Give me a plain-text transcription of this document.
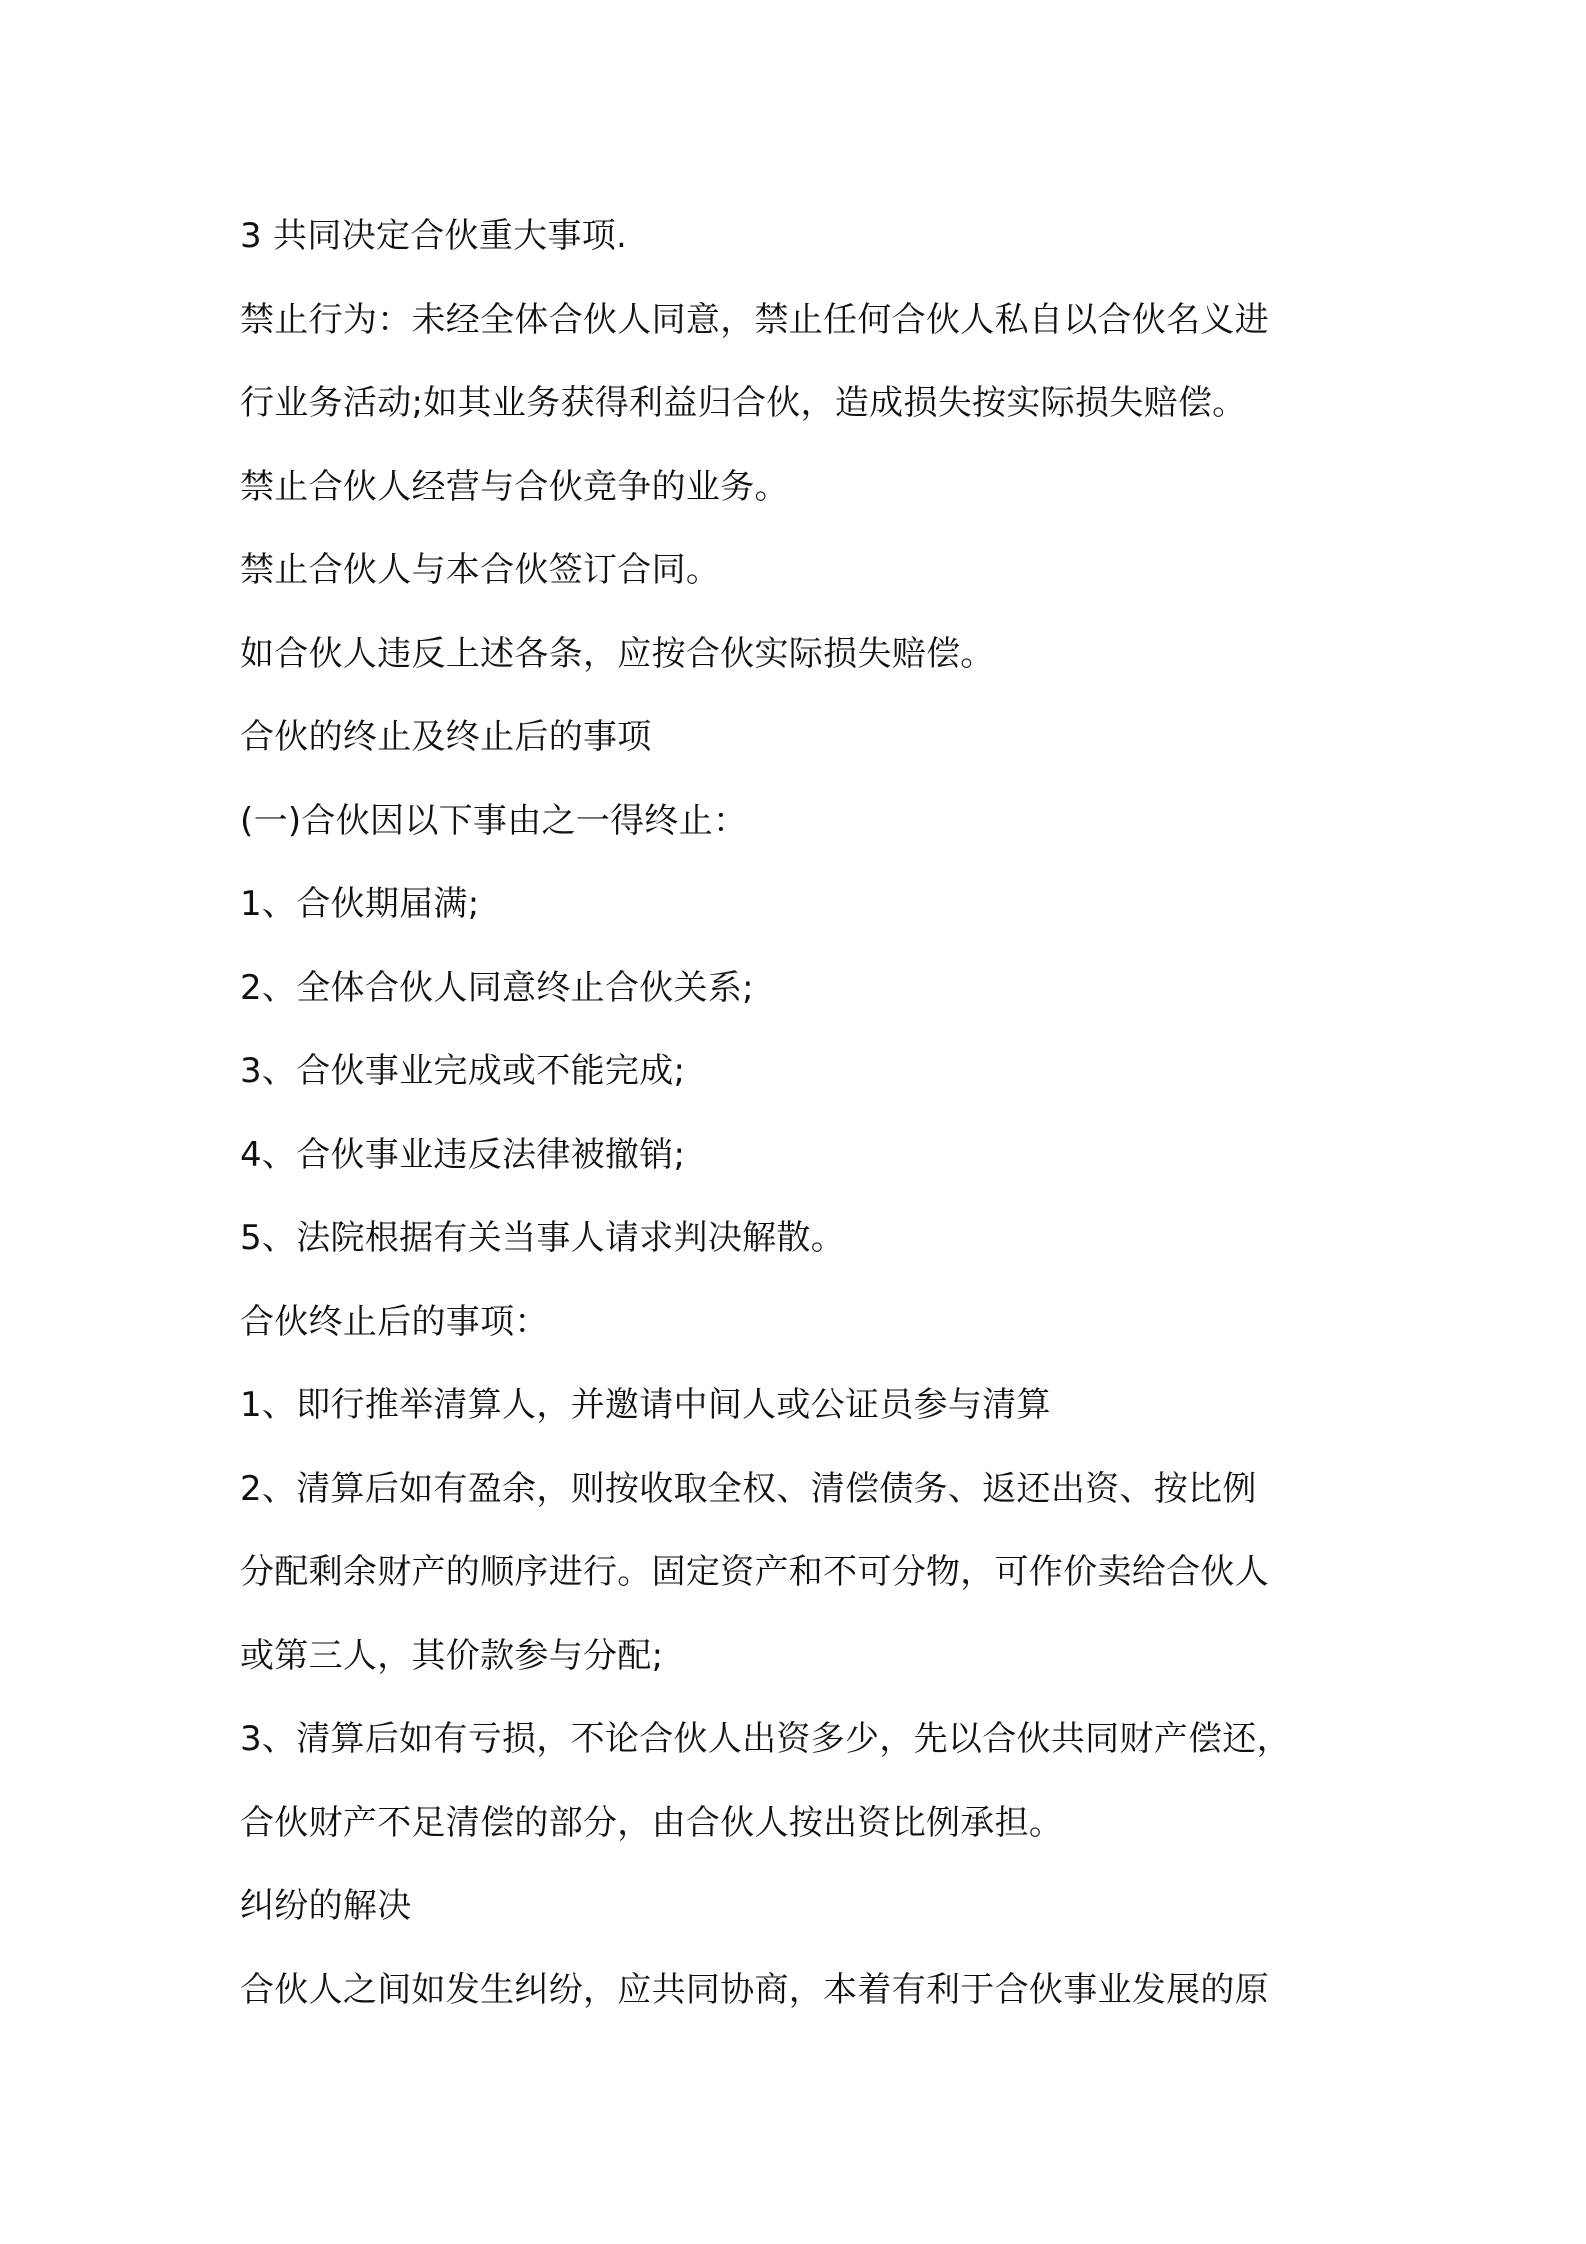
3 共同决定合伙重大事项.
禁止行为：未经全体合伙人同意，禁止任何合伙人私自以合伙名义进
行业务活动;如其业务获得利益归合伙，造成损失按实际损失赔偿。
禁止合伙人经营与合伙竞争的业务。
禁止合伙人与本合伙签订合同。
如合伙人违反上述各条，应按合伙实际损失赔偿。
合伙的终止及终止后的事项
(一)合伙因以下事由之一得终止：
1、合伙期届满;
2、全体合伙人同意终止合伙关系;
3、合伙事业完成或不能完成;
4、合伙事业违反法律被撤销;
5、法院根据有关当事人请求判决解散。
合伙终止后的事项：
1、即行推举清算人，并邀请中间人或公证员参与清算
2、清算后如有盈余，则按收取全权、清偿债务、返还出资、按比例
分配剩余财产的顺序进行。固定资产和不可分物，可作价卖给合伙人
或第三人，其价款参与分配;
3、清算后如有亏损，不论合伙人出资多少，先以合伙共同财产偿还，
合伙财产不足清偿的部分，由合伙人按出资比例承担。
纠纷的解决
合伙人之间如发生纠纷，应共同协商，本着有利于合伙事业发展的原
